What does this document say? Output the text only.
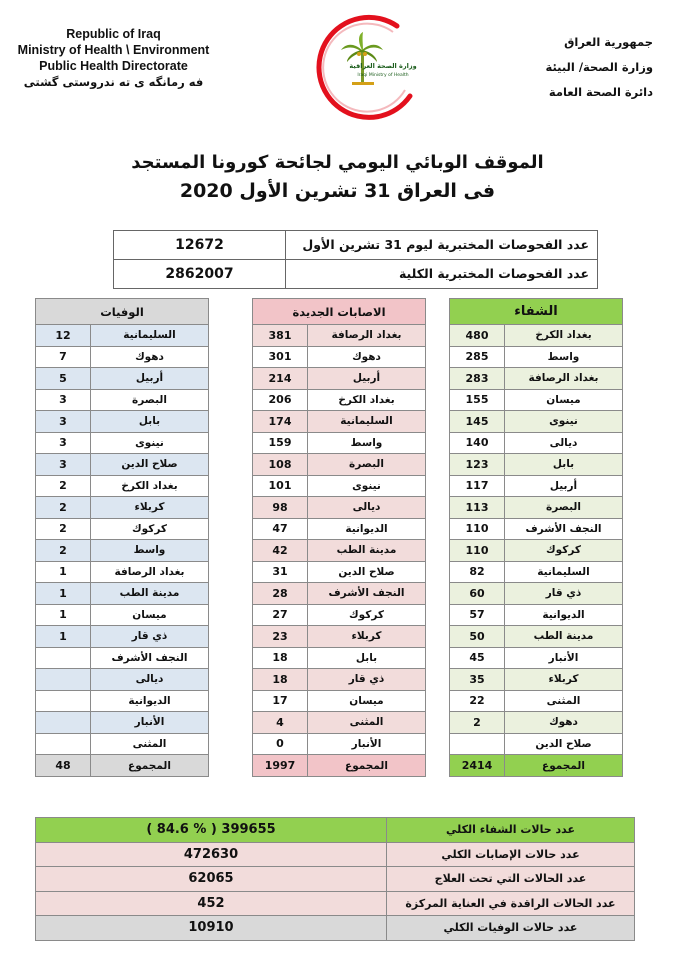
Republic of Iraq
Ministry of Health \ Environment
Public Health Directorate
فه رمانگه ی ته ندروستی گشتی
جمهورية العراق
وزارة الصحة/ البيئة
دائرة الصحة العامة
وزارة الصحة العراقية
Iraqi Ministry of Health
الموقف الوبائي اليومي لجائحة كورونا المستجد
فى العراق 31 تشرين الأول 2020
عدد الفحوصات المختبرية ليوم 31 تشرين الأول
12672
عدد الفحوصات المختبرية الكلية
2862007
الشفاء	
بغداد الكرخ	480
واسط	285
بغداد الرصافة	283
ميسان	155
نينوى	145
ديالى	140
بابل	123
أربيل	117
البصرة	113
النجف الأشرف	110
كركوك	110
السليمانية	82
ذي قار	60
الديوانية	57
مدينة الطب	50
الأنبار	45
كربلاء	35
المثنى	22
دهوك	2
صلاح الدين	
المجموع	2414
الاصابات الجديدة	
بغداد الرصافة	381
دهوك	301
أربيل	214
بغداد الكرخ	206
السليمانية	174
واسط	159
البصرة	108
نينوى	101
ديالى	98
الديوانية	47
مدينة الطب	42
صلاح الدين	31
النجف الأشرف	28
كركوك	27
كربلاء	23
بابل	18
ذي قار	18
ميسان	17
المثنى	4
الأنبار	0
المجموع	1997
الوفيات	
السليمانية	12
دهوك	7
أربيل	5
البصرة	3
بابل	3
نينوى	3
صلاح الدين	3
بغداد الكرخ	2
كربلاء	2
كركوك	2
واسط	2
بغداد الرصافة	1
مدينة الطب	1
ميسان	1
ذي قار	1
النجف الأشرف	
ديالى	
الديوانية	
الأنبار	
المثنى	
المجموع	48
عدد حالات الشفاء الكلي	( 84.6 % ) 399655
عدد حالات الإصابات الكلي	472630
عدد الحالات التي تحت العلاج	62065
عدد الحالات الراقدة في العناية المركزة	452
عدد حالات الوفيات الكلي	10910
